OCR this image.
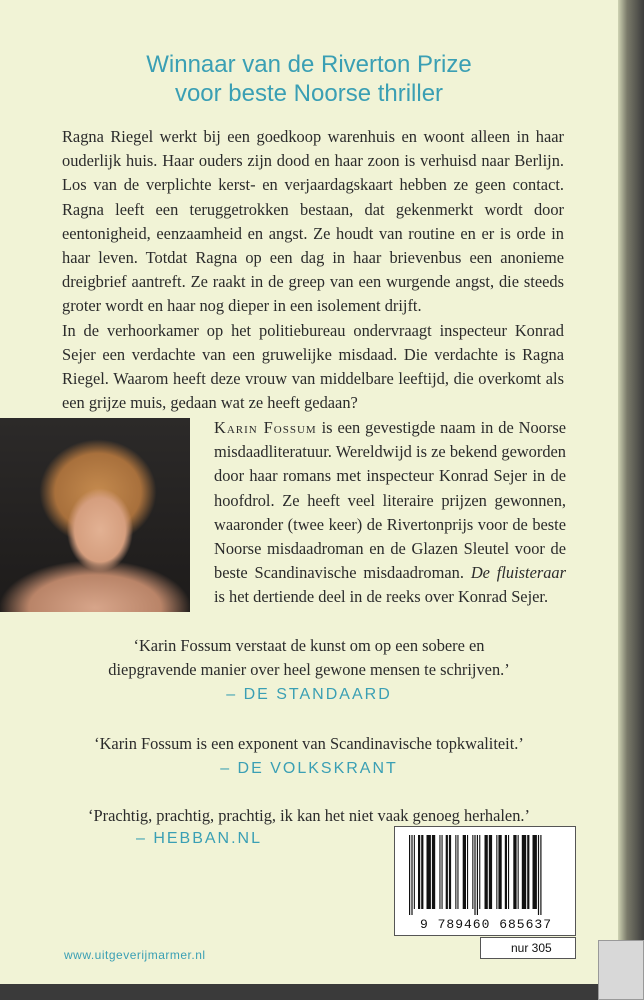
Winnaar van de Riverton Prize
voor beste Noorse thriller

Ragna Riegel werkt bij een goedkoop warenhuis en woont alleen in haar ouderlijk huis. Haar ouders zijn dood en haar zoon is verhuisd naar Berlijn. Los van de verplichte kerst- en verjaardagskaart hebben ze geen contact. Ragna leeft een teruggetrokken bestaan, dat gekenmerkt wordt door eentonigheid, eenzaamheid en angst. Ze houdt van routine en er is orde in haar leven. Totdat Ragna op een dag in haar brievenbus een anonieme dreigbrief aantreft. Ze raakt in de greep van een wurgende angst, die steeds groter wordt en haar nog dieper in een isolement drijft.

In de verhoorkamer op het politiebureau ondervraagt inspecteur Konrad Sejer een verdachte van een gruwelijke misdaad. Die verdachte is Ragna Riegel. Waarom heeft deze vrouw van middelbare leeftijd, die overkomt als een grijze muis, gedaan wat ze heeft gedaan?

Karin Fossum is een gevestigde naam in de Noorse misdaadliteratuur. Wereldwijd is ze bekend geworden door haar romans met inspecteur Konrad Sejer in de hoofdrol. Ze heeft veel literaire prijzen gewonnen, waaronder (twee keer) de Rivertonprijs voor de beste Noorse misdaadroman en de Glazen Sleutel voor de beste Scandinavische misdaadroman. De fluisteraar is het dertiende deel in de reeks over Konrad Sejer.
‘Karin Fossum verstaat de kunst om op een sobere en
diepgravende manier over heel gewone mensen te schrijven.’
– DE STANDAARD
‘Karin Fossum is een exponent van Scandinavische topkwaliteit.’
– DE VOLKSKRANT
‘Prachtig, prachtig, prachtig, ik kan het niet vaak genoeg herhalen.’
– HEBBAN.NL
www.uitgeverijmarmer.nl
9 789460 685637
nur 305
